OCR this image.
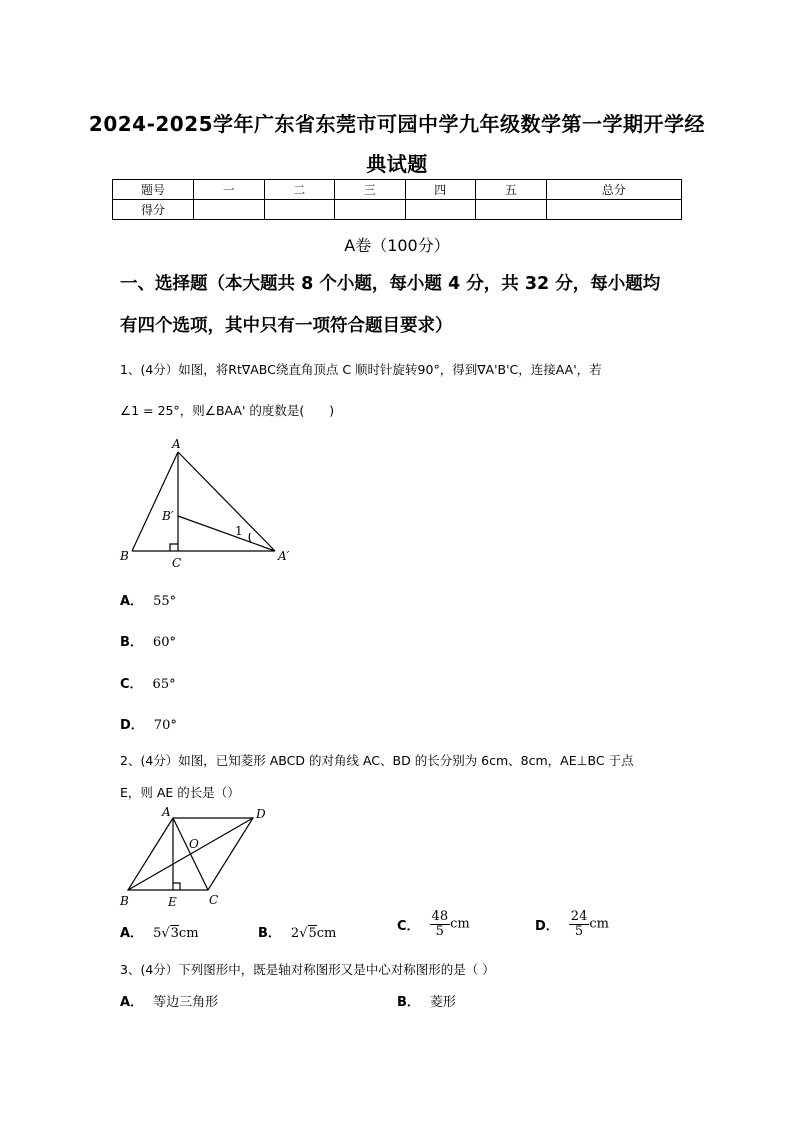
2024-2025学年广东省东莞市可园中学九年级数学第一学期开学经
典试题
题号	一	二	三	四	五	总分
得分						
A卷（100分）
一、选择题（本大题共 8 个小题，每小题 4 分，共 32 分，每小题均
有四个选项，其中只有一项符合题目要求）
1、(4分）如图，将Rt∇ABC绕直角顶点 C 顺时针旋转90°，得到∇A'B'C，连接AA'，若
∠1 = 25°，则∠BAA' 的度数是(　　)
A
B′
1
B	C	A′
A． 55°
B． 60°
C． 65°
D． 70°
2、(4分）如图，已知菱形 ABCD 的对角线 AC、BD 的长分别为 6cm、8cm，AE⊥BC 于点
E，则 AE 的长是（）
A	D
O
B	E	C
A． 5√3cm	B． 2√5cm	C． $\frac{48}{5}$ cm	D． $\frac{24}{5}$ cm
3、(4分）下列图形中，既是轴对称图形又是中心对称图形的是（ ）
A． 等边三角形	B． 菱形
